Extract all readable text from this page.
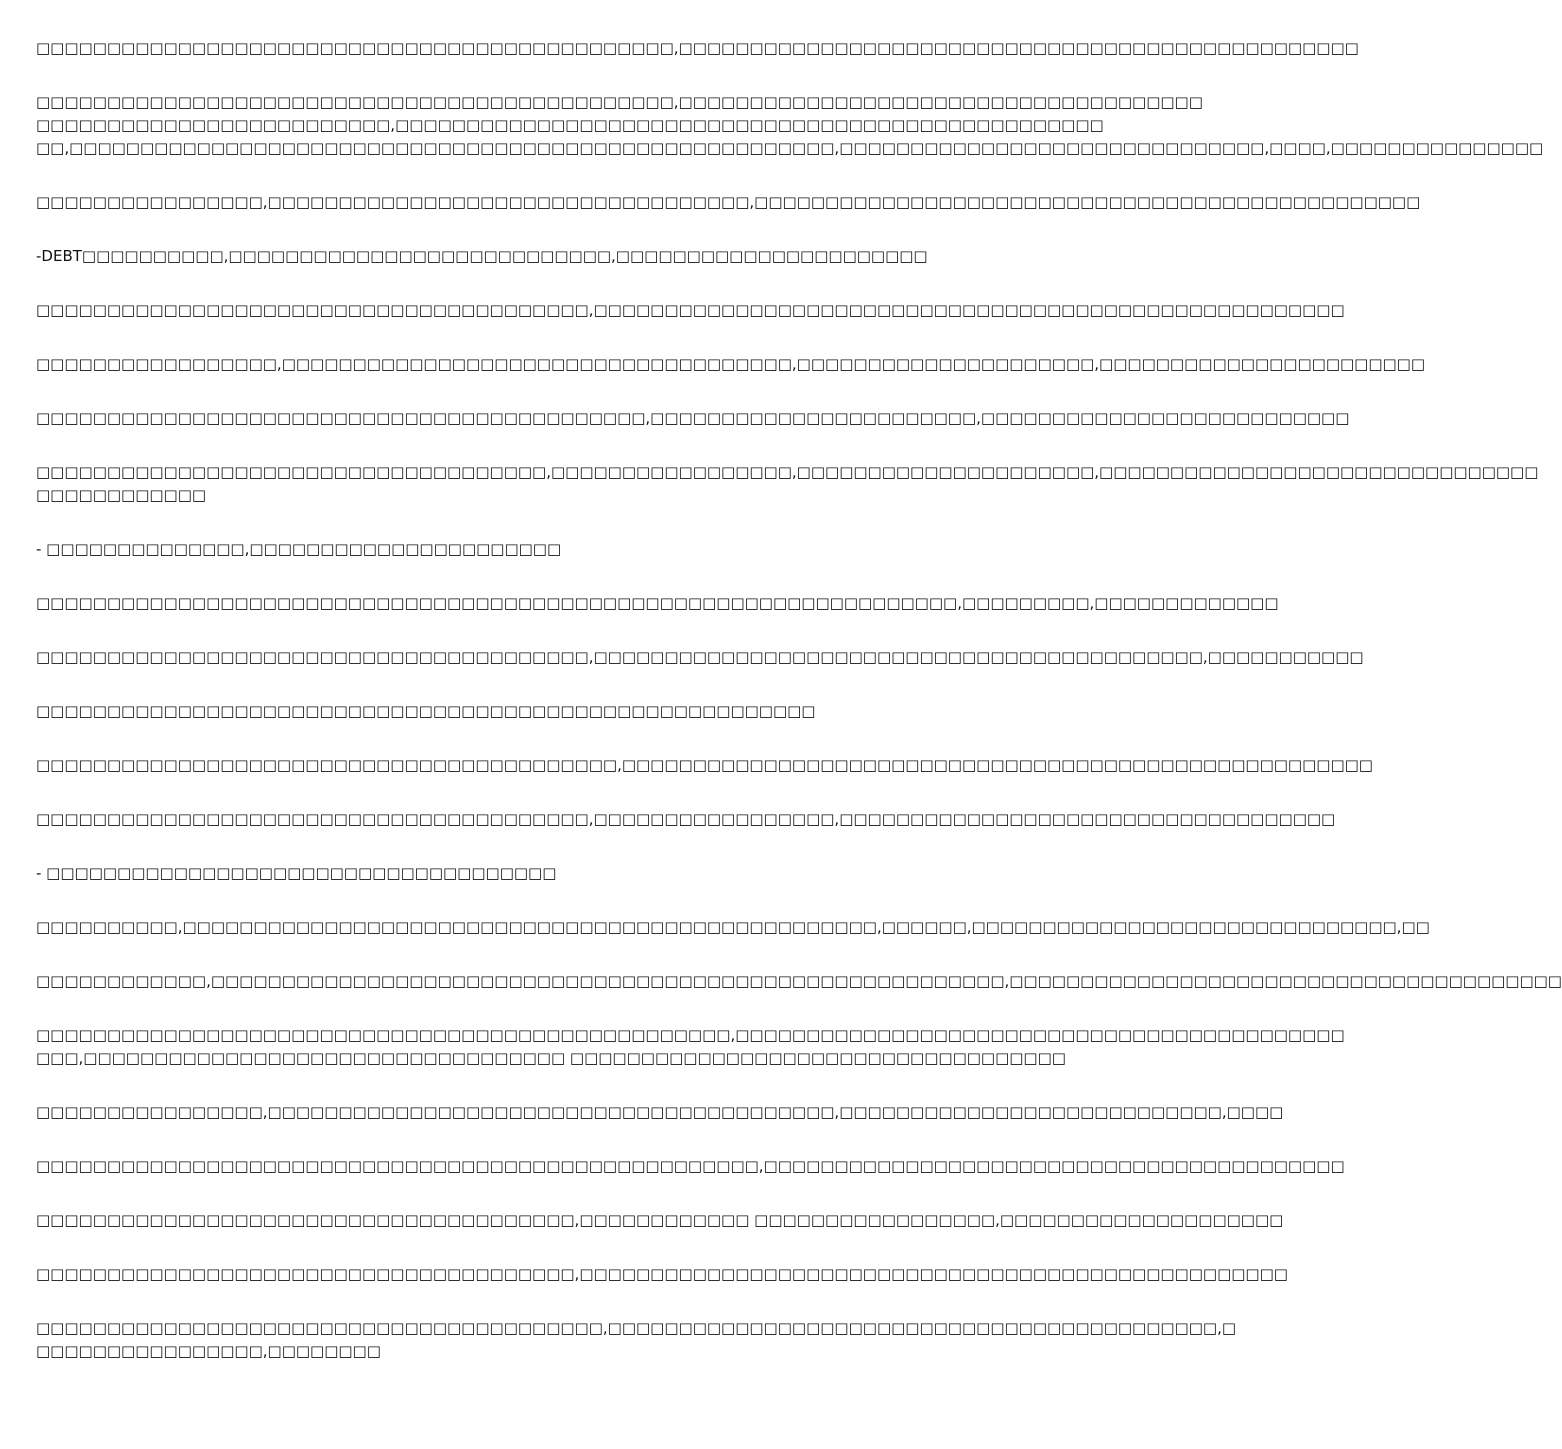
□□□□□□□□□□□□□□□□□□□□□□□□□□□□□□□□□□□□□□□□□□□□□,□□□□□□□□□□□□□□□□□□□□□□□□□□□□□□□□□□□□□□□□□□□□□□□□

□□□□□□□□□□□□□□□□□□□□□□□□□□□□□□□□□□□□□□□□□□□□□,□□□□□□□□□□□□□□□□□□□□□□□□□□□□□□□□□□□□□
□□□□□□□□□□□□□□□□□□□□□□□□□,□□□□□□□□□□□□□□□□□□□□□□□□□□□□□□□□□□□□□□□□□□□□□□□□□□
□□,□□□□□□□□□□□□□□□□□□□□□□□□□□□□□□□□□□□□□□□□□□□□□□□□□□□□□□,□□□□□□□□□□□□□□□□□□□□□□□□□□□□□□,□□□□,□□□□□□□□□□□□□□□

□□□□□□□□□□□□□□□□,□□□□□□□□□□□□□□□□□□□□□□□□□□□□□□□□□□,□□□□□□□□□□□□□□□□□□□□□□□□□□□□□□□□□□□□□□□□□□□□□□□

-DEBT□□□□□□□□□□,□□□□□□□□□□□□□□□□□□□□□□□□□□□,□□□□□□□□□□□□□□□□□□□□□□

□□□□□□□□□□□□□□□□□□□□□□□□□□□□□□□□□□□□□□□,□□□□□□□□□□□□□□□□□□□□□□□□□□□□□□□□□□□□□□□□□□□□□□□□□□□□□

□□□□□□□□□□□□□□□□□,□□□□□□□□□□□□□□□□□□□□□□□□□□□□□□□□□□□□,□□□□□□□□□□□□□□□□□□□□□,□□□□□□□□□□□□□□□□□□□□□□□

□□□□□□□□□□□□□□□□□□□□□□□□□□□□□□□□□□□□□□□□□□□,□□□□□□□□□□□□□□□□□□□□□□□,□□□□□□□□□□□□□□□□□□□□□□□□□□

□□□□□□□□□□□□□□□□□□□□□□□□□□□□□□□□□□□□,□□□□□□□□□□□□□□□□□,□□□□□□□□□□□□□□□□□□□□□,□□□□□□□□□□□□□□□□□□□□□□□□□□□□□□□
□□□□□□□□□□□□

- □□□□□□□□□□□□□□,□□□□□□□□□□□□□□□□□□□□□□

□□□□□□□□□□□□□□□□□□□□□□□□□□□□□□□□□□□□□□□□□□□□□□□□□□□□□□□□□□□□□□□□□,□□□□□□□□□,□□□□□□□□□□□□□

□□□□□□□□□□□□□□□□□□□□□□□□□□□□□□□□□□□□□□□,□□□□□□□□□□□□□□□□□□□□□□□□□□□□□□□□□□□□□□□□□□□,□□□□□□□□□□□

□□□□□□□□□□□□□□□□□□□□□□□□□□□□□□□□□□□□□□□□□□□□□□□□□□□□□□□

□□□□□□□□□□□□□□□□□□□□□□□□□□□□□□□□□□□□□□□□□,□□□□□□□□□□□□□□□□□□□□□□□□□□□□□□□□□□□□□□□□□□□□□□□□□□□□□

□□□□□□□□□□□□□□□□□□□□□□□□□□□□□□□□□□□□□□□,□□□□□□□□□□□□□□□□□,□□□□□□□□□□□□□□□□□□□□□□□□□□□□□□□□□□□

- □□□□□□□□□□□□□□□□□□□□□□□□□□□□□□□□□□□□

□□□□□□□□□□,□□□□□□□□□□□□□□□□□□□□□□□□□□□□□□□□□□□□□□□□□□□□□□□□□,□□□□□□,□□□□□□□□□□□□□□□□□□□□□□□□□□□□□□,□□

□□□□□□□□□□□□,□□□□□□□□□□□□□□□□□□□□□□□□□□□□□□□□□□□□□□□□□□□□□□□□□□□□□□□□,□□□□□□□□□□□□□□□□□□□□□□□□□□□□□□□□□□□□□□□

□□□□□□□□□□□□□□□□□□□□□□□□□□□□□□□□□□□□□□□□□□□□□□□□□,□□□□□□□□□□□□□□□□□□□□□□□□□□□□□□□□□□□□□□□□□□□
□□□,□□□□□□□□□□□□□□□□□□□□□□□□□□□□□□□□□□ □□□□□□□□□□□□□□□□□□□□□□□□□□□□□□□□□□□

□□□□□□□□□□□□□□□□,□□□□□□□□□□□□□□□□□□□□□□□□□□□□□□□□□□□□□□□□,□□□□□□□□□□□□□□□□□□□□□□□□□□□,□□□□

□□□□□□□□□□□□□□□□□□□□□□□□□□□□□□□□□□□□□□□□□□□□□□□□□□□,□□□□□□□□□□□□□□□□□□□□□□□□□□□□□□□□□□□□□□□□□

□□□□□□□□□□□□□□□□□□□□□□□□□□□□□□□□□□□□□□,□□□□□□□□□□□□ □□□□□□□□□□□□□□□□□,□□□□□□□□□□□□□□□□□□□□

□□□□□□□□□□□□□□□□□□□□□□□□□□□□□□□□□□□□□□,□□□□□□□□□□□□□□□□□□□□□□□□□□□□□□□□□□□□□□□□□□□□□□□□□□

□□□□□□□□□□□□□□□□□□□□□□□□□□□□□□□□□□□□□□□□,□□□□□□□□□□□□□□□□□□□□□□□□□□□□□□□□□□□□□□□□□□□,□
□□□□□□□□□□□□□□□□,□□□□□□□□
